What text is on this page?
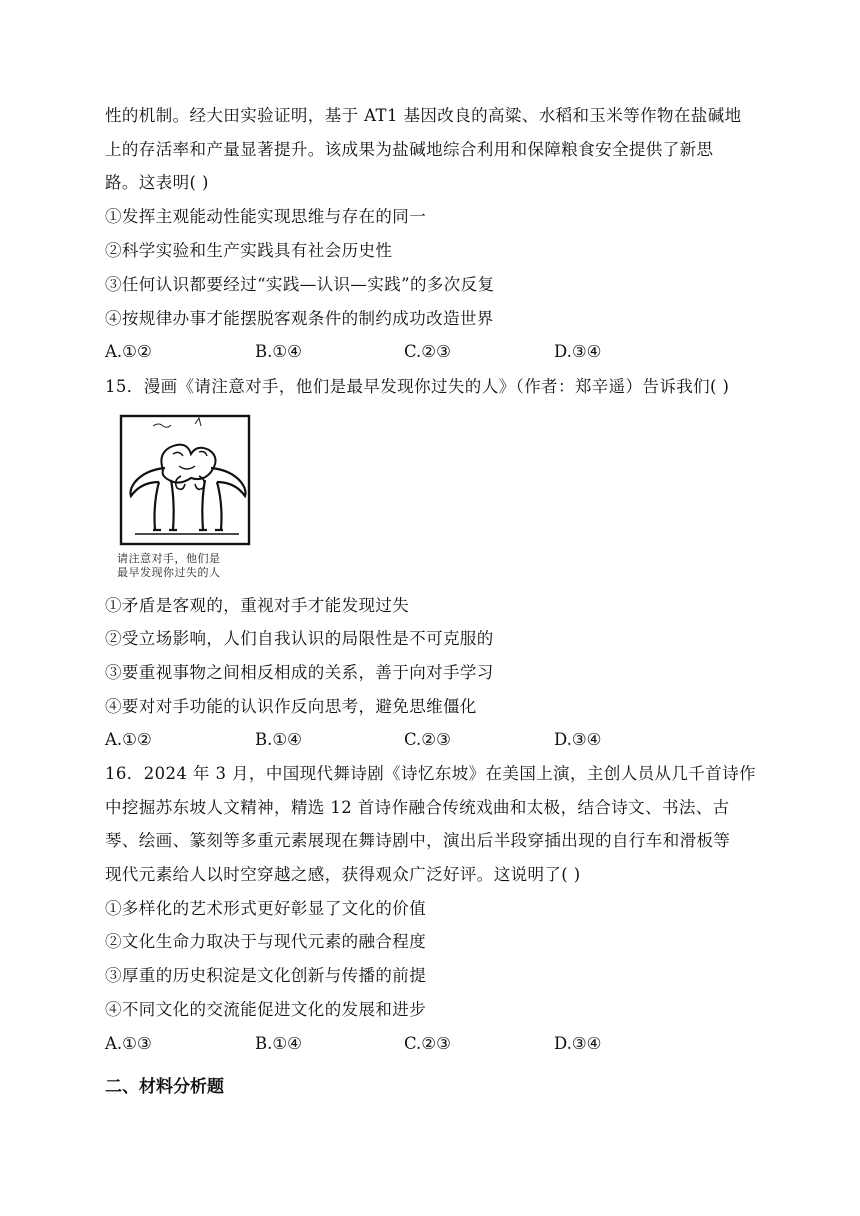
性的机制。经大田实验证明，基于 AT1 基因改良的高粱、水稻和玉米等作物在盐碱地
上的存活率和产量显著提升。该成果为盐碱地综合利用和保障粮食安全提供了新思
路。这表明( )
①发挥主观能动性能实现思维与存在的同一
②科学实验和生产实践具有社会历史性
③任何认识都要经过“实践—认识—实践”的多次反复
④按规律办事才能摆脱客观条件的制约成功改造世界
A.①②	B.①④	C.②③	D.③④
15．漫画《请注意对手，他们是最早发现你过失的人》（作者：郑辛遥）告诉我们( )
请注意对手，他们是
最早发现你过失的人
①矛盾是客观的，重视对手才能发现过失
②受立场影响，人们自我认识的局限性是不可克服的
③要重视事物之间相反相成的关系，善于向对手学习
④要对对手功能的认识作反向思考，避免思维僵化
A.①②	B.①④	C.②③	D.③④
16．2024 年 3 月，中国现代舞诗剧《诗忆东坡》在美国上演，主创人员从几千首诗作
中挖掘苏东坡人文精神，精选 12 首诗作融合传统戏曲和太极，结合诗文、书法、古
琴、绘画、篆刻等多重元素展现在舞诗剧中，演出后半段穿插出现的自行车和滑板等
现代元素给人以时空穿越之感，获得观众广泛好评。这说明了( )
①多样化的艺术形式更好彰显了文化的价值
②文化生命力取决于与现代元素的融合程度
③厚重的历史积淀是文化创新与传播的前提
④不同文化的交流能促进文化的发展和进步
A.①③	B.①④	C.②③	D.③④
二、材料分析题
